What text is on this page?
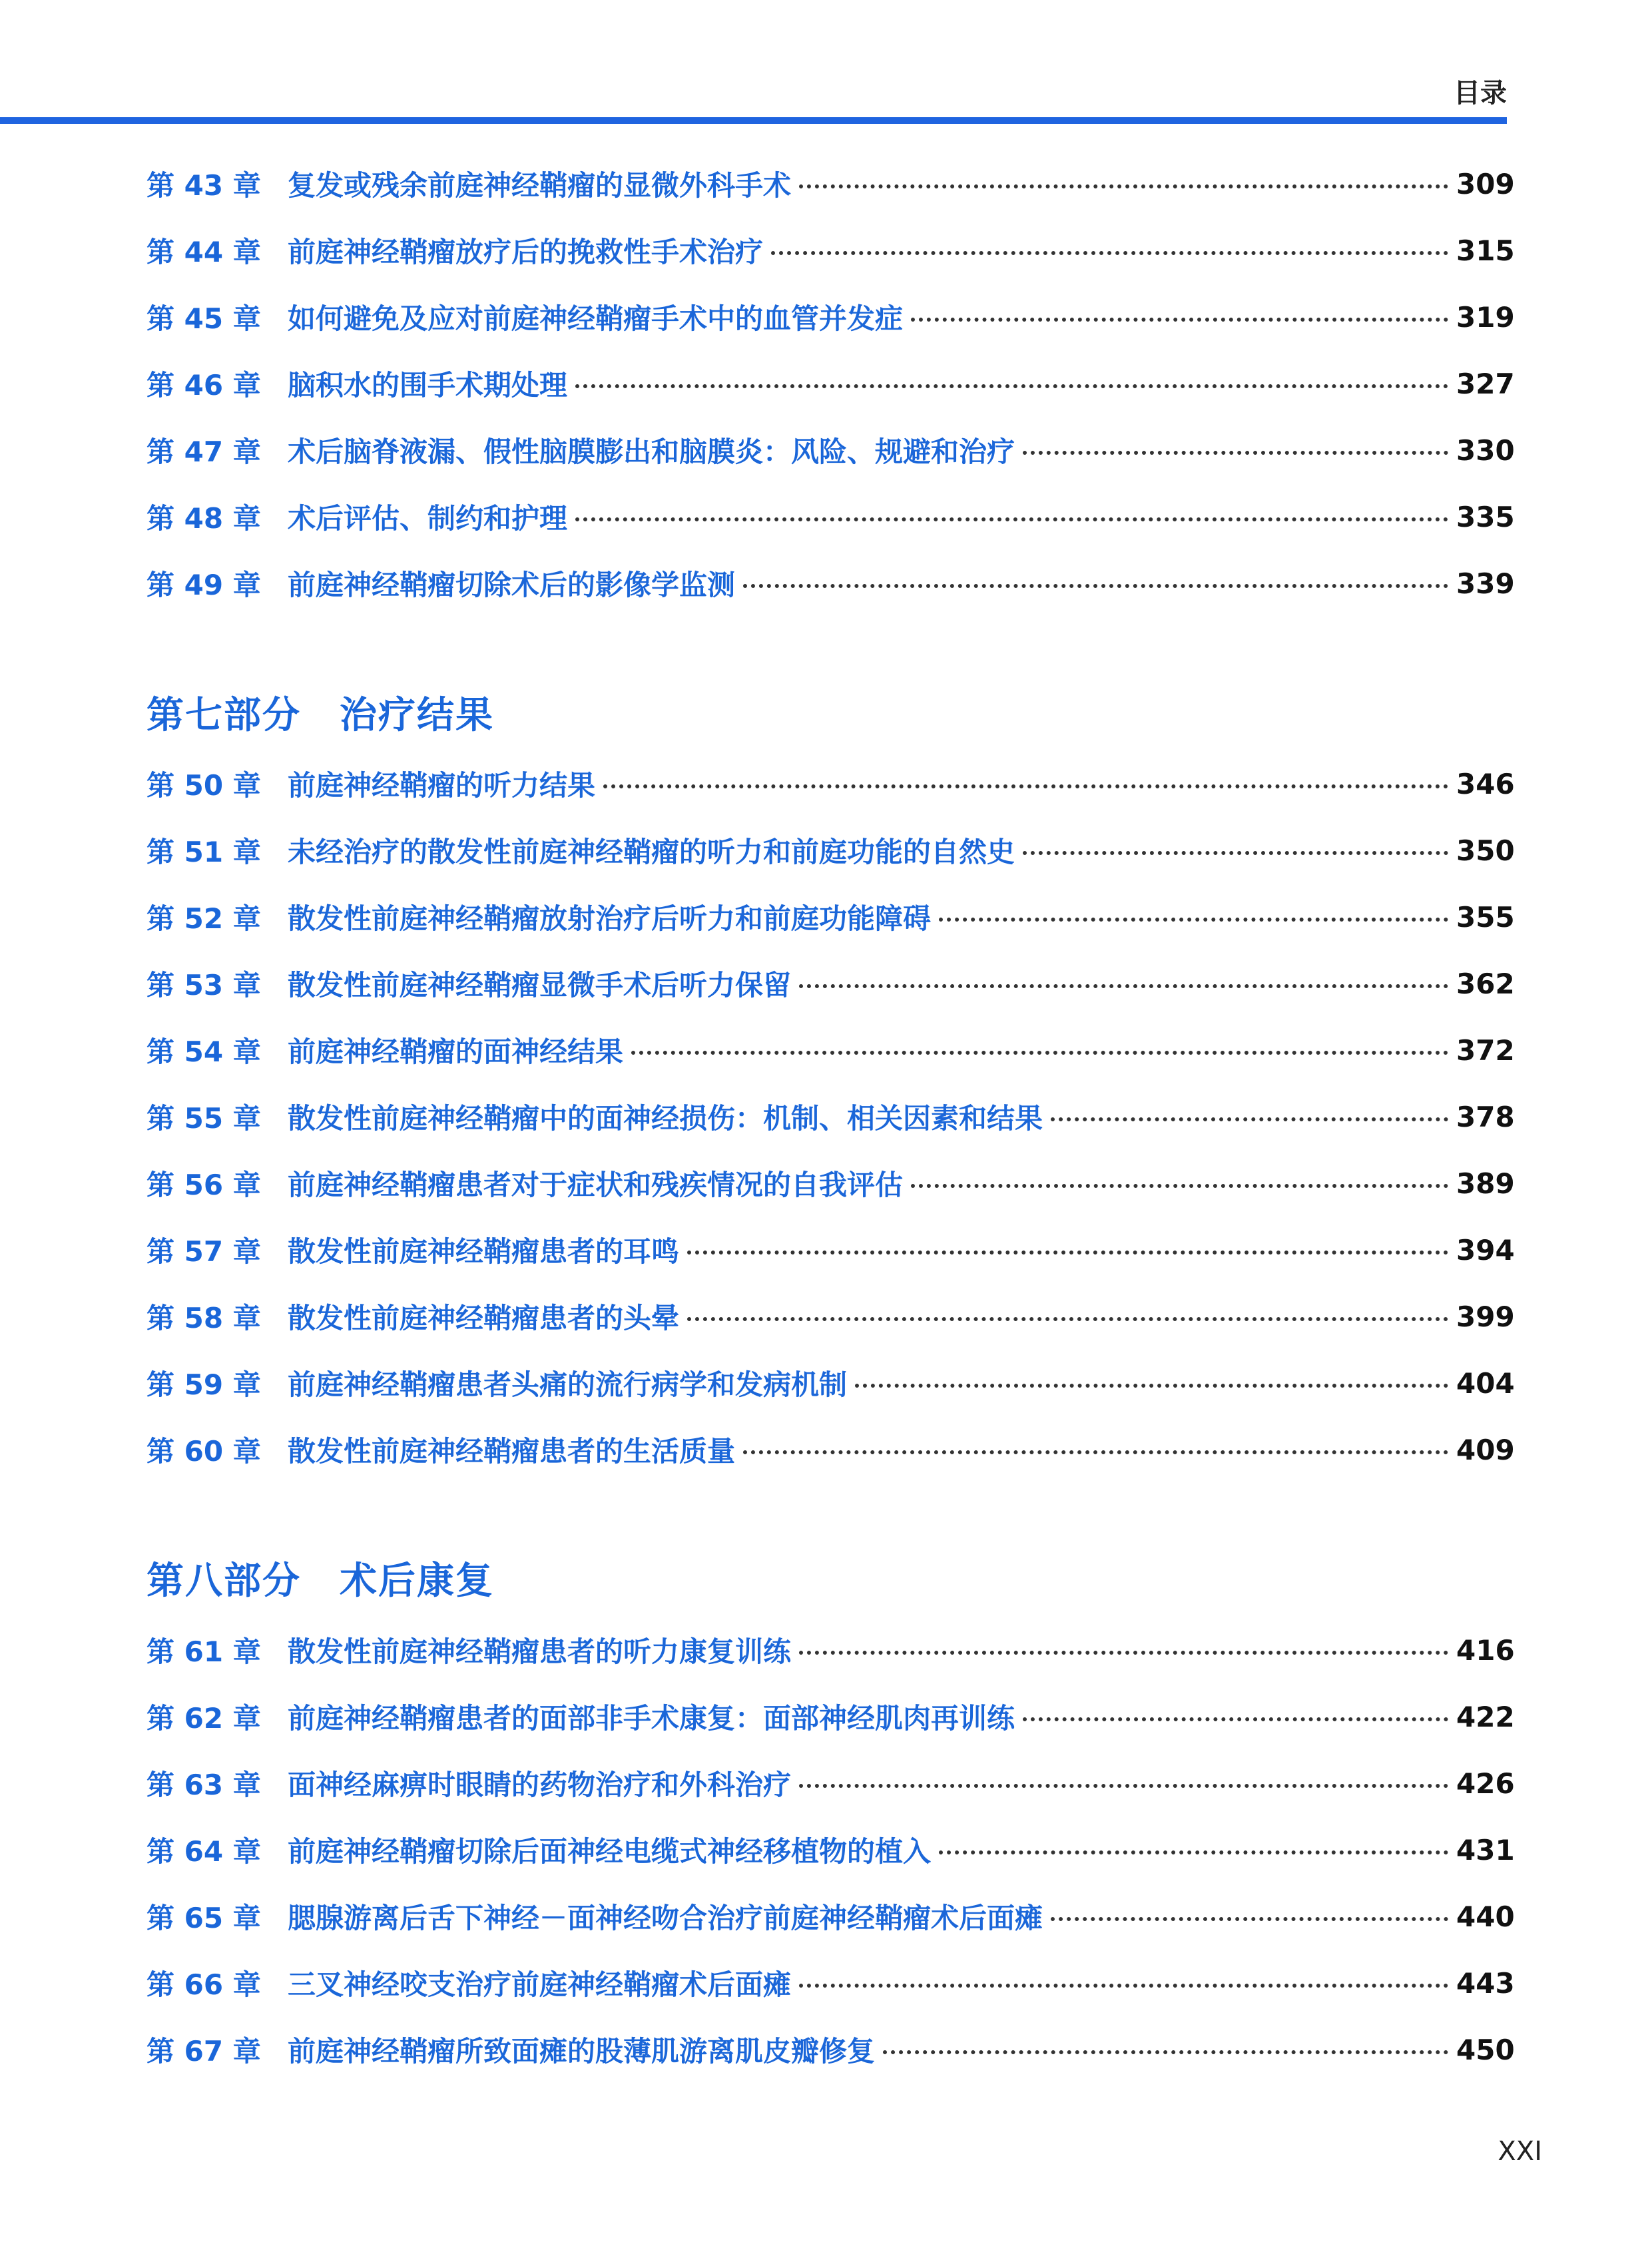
目录
第 43 章 复发或残余前庭神经鞘瘤的显微外科手术	309
第 44 章 前庭神经鞘瘤放疗后的挽救性手术治疗	315
第 45 章 如何避免及应对前庭神经鞘瘤手术中的血管并发症	319
第 46 章 脑积水的围手术期处理	327
第 47 章 术后脑脊液漏、假性脑膜膨出和脑膜炎：风险、规避和治疗	330
第 48 章 术后评估、制约和护理	335
第 49 章 前庭神经鞘瘤切除术后的影像学监测	339
第七部分 治疗结果
第 50 章 前庭神经鞘瘤的听力结果	346
第 51 章 未经治疗的散发性前庭神经鞘瘤的听力和前庭功能的自然史	350
第 52 章 散发性前庭神经鞘瘤放射治疗后听力和前庭功能障碍	355
第 53 章 散发性前庭神经鞘瘤显微手术后听力保留	362
第 54 章 前庭神经鞘瘤的面神经结果	372
第 55 章 散发性前庭神经鞘瘤中的面神经损伤：机制、相关因素和结果	378
第 56 章 前庭神经鞘瘤患者对于症状和残疾情况的自我评估	389
第 57 章 散发性前庭神经鞘瘤患者的耳鸣	394
第 58 章 散发性前庭神经鞘瘤患者的头晕	399
第 59 章 前庭神经鞘瘤患者头痛的流行病学和发病机制	404
第 60 章 散发性前庭神经鞘瘤患者的生活质量	409
第八部分 术后康复
第 61 章 散发性前庭神经鞘瘤患者的听力康复训练	416
第 62 章 前庭神经鞘瘤患者的面部非手术康复：面部神经肌肉再训练	422
第 63 章 面神经麻痹时眼睛的药物治疗和外科治疗	426
第 64 章 前庭神经鞘瘤切除后面神经电缆式神经移植物的植入	431
第 65 章 腮腺游离后舌下神经－面神经吻合治疗前庭神经鞘瘤术后面瘫	440
第 66 章 三叉神经咬支治疗前庭神经鞘瘤术后面瘫	443
第 67 章 前庭神经鞘瘤所致面瘫的股薄肌游离肌皮瓣修复	450
XXI
